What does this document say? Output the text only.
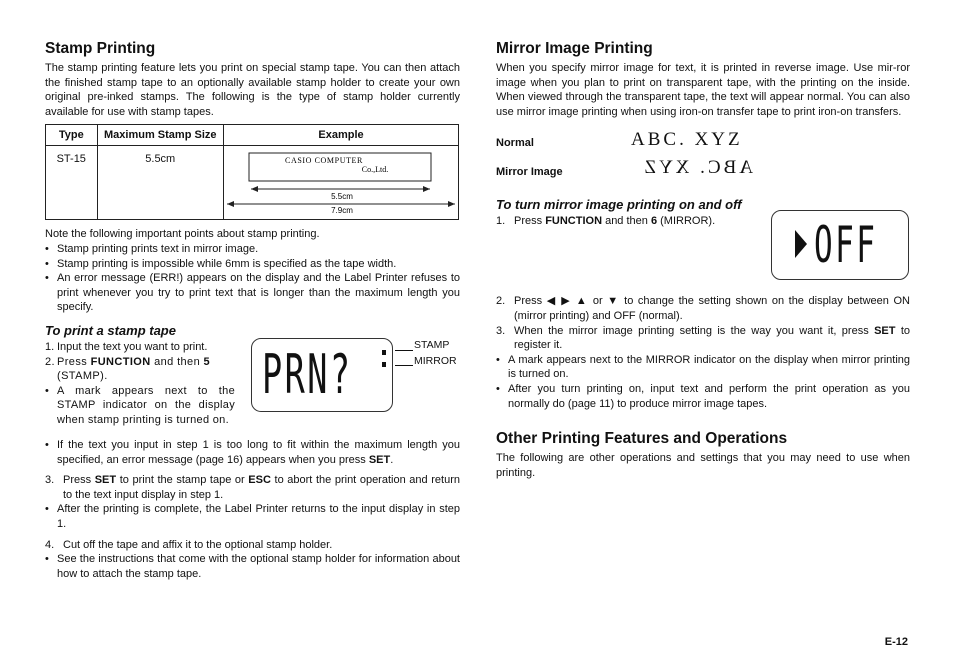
Stamp Printing

The stamp printing feature lets you print on special stamp tape. You can then attach the finished stamp tape to an optionally available stamp holder to create your own original pre-inked stamps. The following is the type of stamp holder currently available for use with stamp tapes.

Type	Maximum Stamp Size	Example
ST-15	5.5cm	CASIO COMPUTER
Co.,Ltd.
5.5cm
7.9cm

Note the following important points about stamp printing.

• Stamp printing prints text in mirror image.
• Stamp printing is impossible while 6mm is specified as the tape width.
• An error message (ERR!) appears on the display and the Label Printer refuses to print whenever you try to print text that is longer than the maximum length you specify.
To print a stamp tape
1. Input the text you want to print.
2. Press FUNCTION and then 5
(STAMP).
• A mark appears next to the STAMP indicator on the display when stamp printing is turned on.
PRN?	STAMP
MIRROR
• If the text you input in step 1 is too long to fit within the maximum length you specified, an error message (page 16) appears when you press SET.
3. Press SET to print the stamp tape or ESC to abort the print operation and return to the text input display in step 1.
• After the printing is complete, the Label Printer returns to the input display in step 1.
4. Cut off the tape and affix it to the optional stamp holder.
• See the instructions that come with the optional stamp holder for information about how to attach the stamp tape.
Mirror Image Printing

When you specify mirror image for text, it is printed in reverse image. Use mir-ror image when you plan to print on transparent tape, with the printing on the inside. When viewed through the transparent tape, the text will appear normal. You can also use mirror image printing when using iron-on transfer tape to print iron-on transfers.

Normal	ABC. XYZ
Mirror Image	ABC. XYZ
To turn mirror image printing on and off
1. Press FUNCTION and then 6 (MIRROR).	OFF
2. Press ◀ ▶ ▲ or ▼ to change the setting shown on the display between ON (mirror printing) and OFF (normal).
3. When the mirror image printing setting is the way you want it, press SET to register it.
• A mark appears next to the MIRROR indicator on the display when mirror printing is turned on.
• After you turn printing on, input text and perform the print operation as you normally do (page 11) to produce mirror image tapes.
Other Printing Features and Operations

The following are other operations and settings that you may need to use when printing.

E-12
